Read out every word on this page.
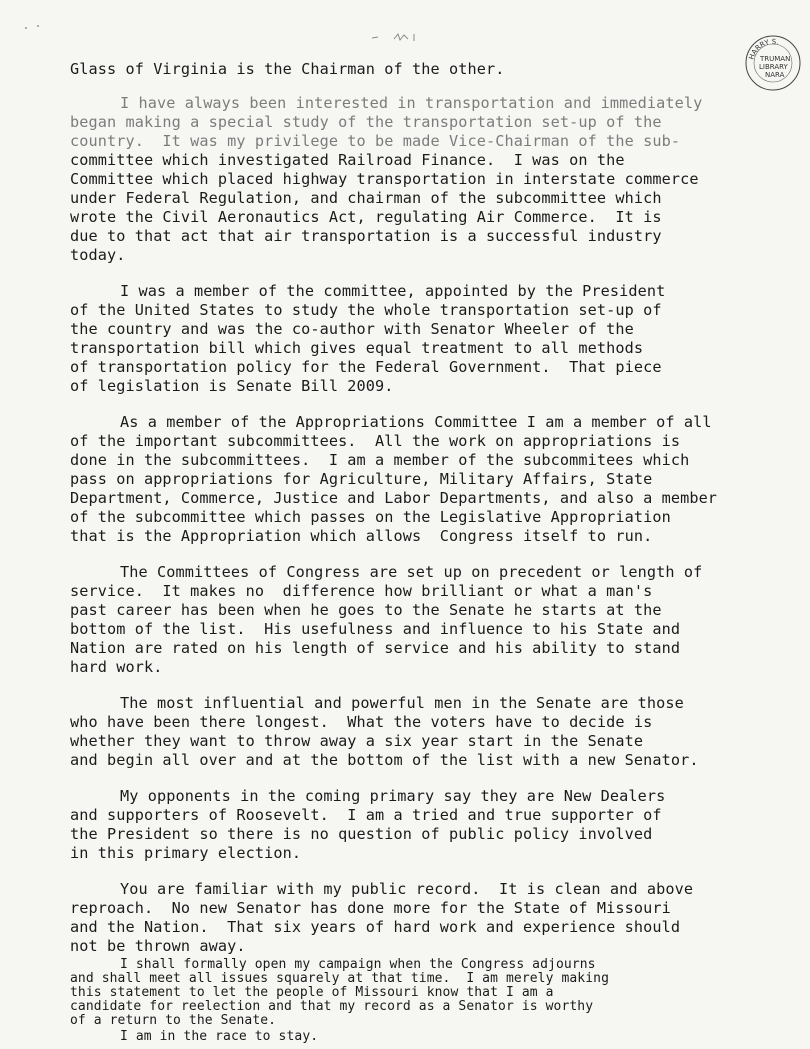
HARRY S.
TRUMAN
LIBRARY
NARA
Glass of Virginia is the Chairman of the other.
I have always been interested in transportation and immediately
began making a special study of the transportation set-up of the
country.  It was my privilege to be made Vice-Chairman of the sub-
committee which investigated Railroad Finance.  I was on the
Committee which placed highway transportation in interstate commerce
under Federal Regulation, and chairman of the subcommittee which
wrote the Civil Aeronautics Act, regulating Air Commerce.  It is
due to that act that air transportation is a successful industry
today.
I was a member of the committee, appointed by the President
of the United States to study the whole transportation set-up of
the country and was the co-author with Senator Wheeler of the
transportation bill which gives equal treatment to all methods
of transportation policy for the Federal Government.  That piece
of legislation is Senate Bill 2009.
As a member of the Appropriations Committee I am a member of all
of the important subcommittees.  All the work on appropriations is
done in the subcommittees.  I am a member of the subcommitees which
pass on appropriations for Agriculture, Military Affairs, State
Department, Commerce, Justice and Labor Departments, and also a member
of the subcommittee which passes on the Legislative Appropriation
that is the Appropriation which allows  Congress itself to run.
The Committees of Congress are set up on precedent or length of
service.  It makes no  difference how brilliant or what a man's
past career has been when he goes to the Senate he starts at the
bottom of the list.  His usefulness and influence to his State and
Nation are rated on his length of service and his ability to stand
hard work.
The most influential and powerful men in the Senate are those
who have been there longest.  What the voters have to decide is
whether they want to throw away a six year start in the Senate
and begin all over and at the bottom of the list with a new Senator.
My opponents in the coming primary say they are New Dealers
and supporters of Roosevelt.  I am a tried and true supporter of
the President so there is no question of public policy involved
in this primary election.
You are familiar with my public record.  It is clean and above
reproach.  No new Senator has done more for the State of Missouri
and the Nation.  That six years of hard work and experience should
not be thrown away.
I shall formally open my campaign when the Congress adjourns
and shall meet all issues squarely at that time.  I am merely making
this statement to let the people of Missouri know that I am a
candidate for reelection and that my record as a Senator is worthy
of a return to the Senate.
I am in the race to stay.
